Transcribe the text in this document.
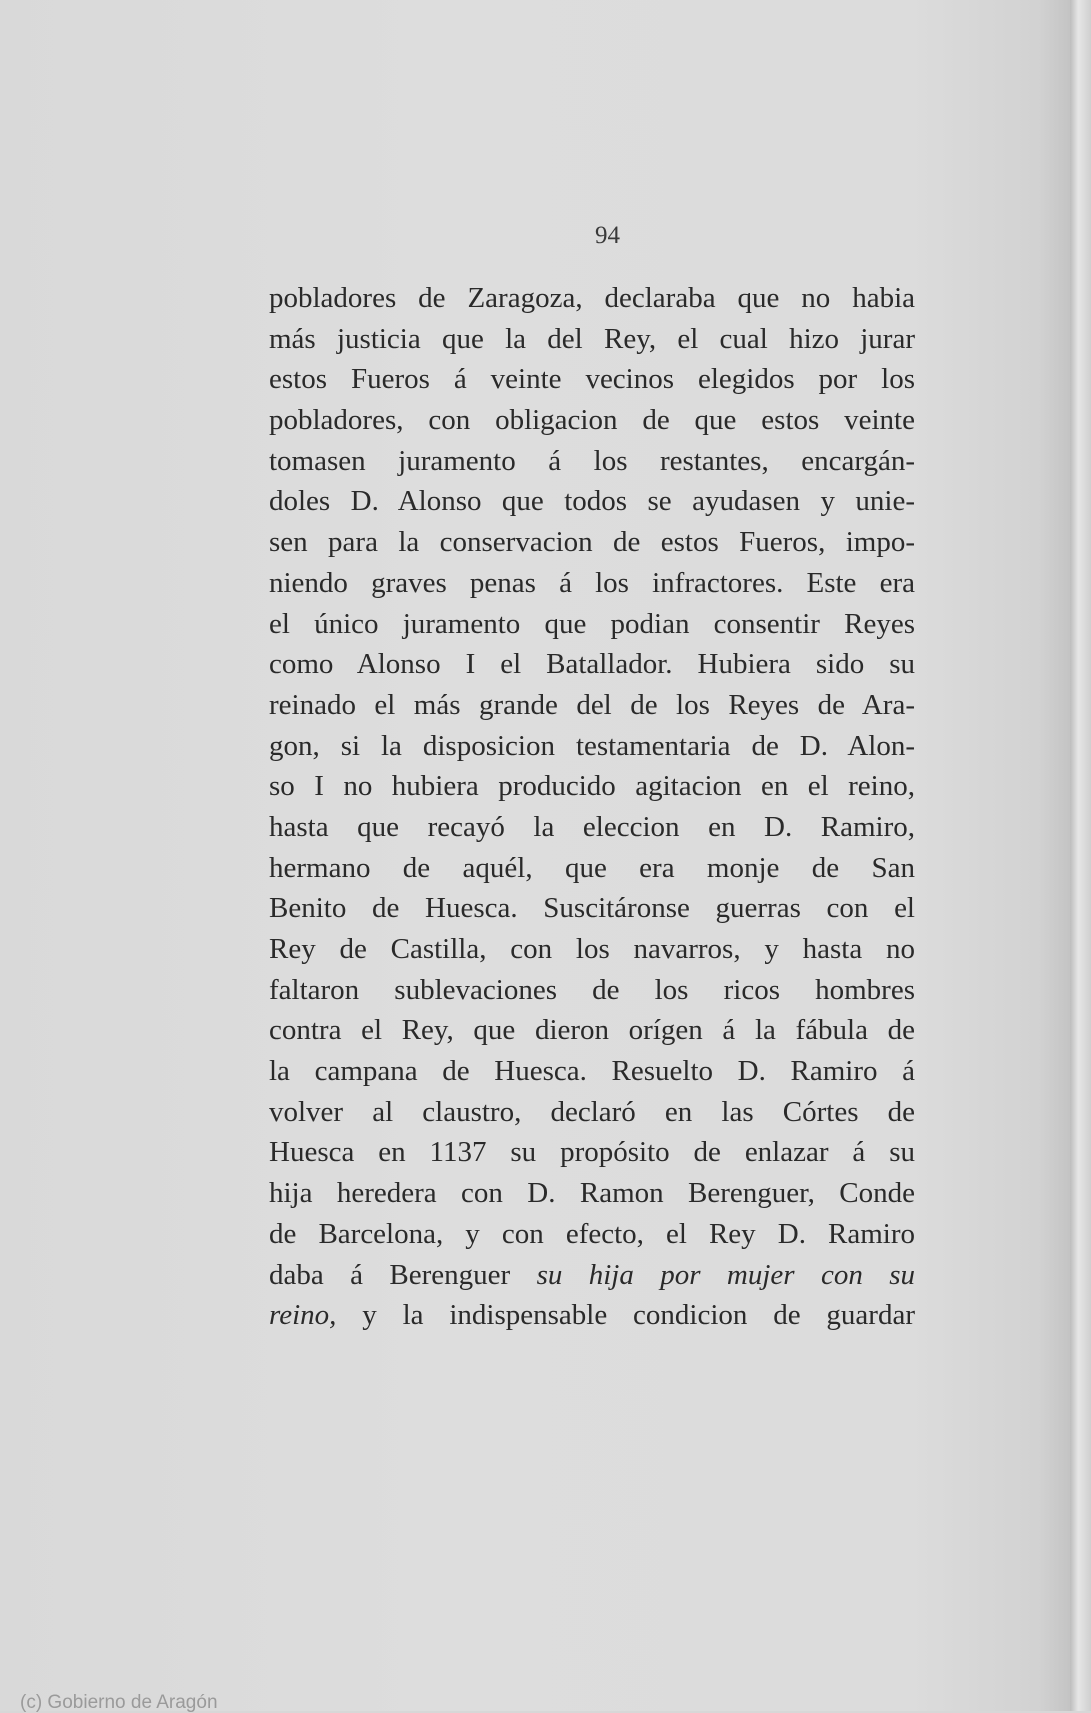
94
pobladores de Zaragoza, declaraba que no habia
más justicia que la del Rey, el cual hizo jurar
estos Fueros á veinte vecinos elegidos por los
pobladores, con obligacion de que estos veinte
tomasen juramento á los restantes, encargán-
doles D. Alonso que todos se ayudasen y unie-
sen para la conservacion de estos Fueros, impo-
niendo graves penas á los infractores. Este era
el único juramento que podian consentir Reyes
como Alonso I el Batallador. Hubiera sido su
reinado el más grande del de los Reyes de Ara-
gon, si la disposicion testamentaria de D. Alon-
so I no hubiera producido agitacion en el reino,
hasta que recayó la eleccion en D. Ramiro,
hermano de aquél, que era monje de San
Benito de Huesca. Suscitáronse guerras con el
Rey de Castilla, con los navarros, y hasta no
faltaron sublevaciones de los ricos hombres
contra el Rey, que dieron orígen á la fábula de
la campana de Huesca. Resuelto D. Ramiro á
volver al claustro, declaró en las Córtes de
Huesca en 1137 su propósito de enlazar á su
hija heredera con D. Ramon Berenguer, Conde
de Barcelona, y con efecto, el Rey D. Ramiro
daba á Berenguer su hija por mujer con su
reino, y la indispensable condicion de guardar
(c) Gobierno de Aragón
